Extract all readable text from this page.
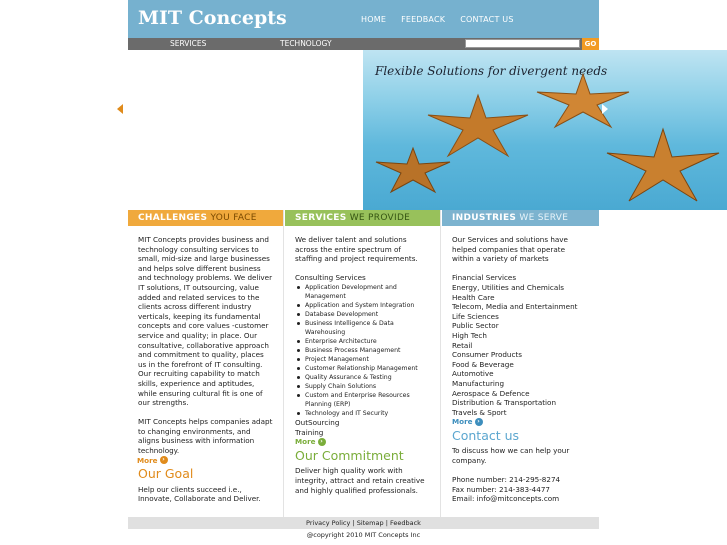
MIT Concepts	HOME FEEDBACK CONTACT US
SERVICES	TECHNOLOGY	GO
Flexible Solutions for divergent needs
CHALLENGES YOU FACE

MIT Concepts provides business and technology consulting services to small, mid-size and large businesses and helps solve different business and technology problems. We deliver IT solutions, IT outsourcing, value added and related services to the clients across different industry verticals, keeping its fundamental concepts and core values -customer service and quality; in place. Our consultative, collaborative approach and commitment to quality, places us in the forefront of IT consulting. Our recruiting capability to match skills, experience and aptitudes, while ensuring cultural fit is one of our strengths.

MIT Concepts helps companies adapt to changing environments, and aligns business with information technology.

More ›
Our Goal

Help our clients succeed i.e., Innovate, Collaborate and Deliver.

SERVICES WE PROVIDE

We deliver talent and solutions across the entire spectrum of staffing and project requirements.

Consulting Services
Application Development and Management
Application and System Integration
Database Development
Business Intelligence & Data Warehousing
Enterprise Architecture
Business Process Management
Project Management
Customer Relationship Management
Quality Assurance & Testing
Supply Chain Solutions
Custom and Enterprise Resources Planning (ERP)
Technology and IT Security
OutSourcing
Training
More ›
Our Commitment

Deliver high quality work with integrity, attract and retain creative and highly qualified professionals.

INDUSTRIES WE SERVE

Our Services and solutions have helped companies that operate within a variety of markets

Financial Services
Energy, Utilities and Chemicals
Health Care
Telecom, Media and Entertainment
Life Sciences
Public Sector
High Tech
Retail
Consumer Products
Food & Beverage
Automotive
Manufacturing
Aerospace & Defence
Distribution & Transportation
Travels & Sport
More ›
Contact us

To discuss how we can help your company.

Phone number: 214-295-8274
Fax number: 214-383-4477
Email: info@mitconcepts.com
Privacy Policy | Sitemap | Feedback
@copyright 2010 MIT Concepts Inc
